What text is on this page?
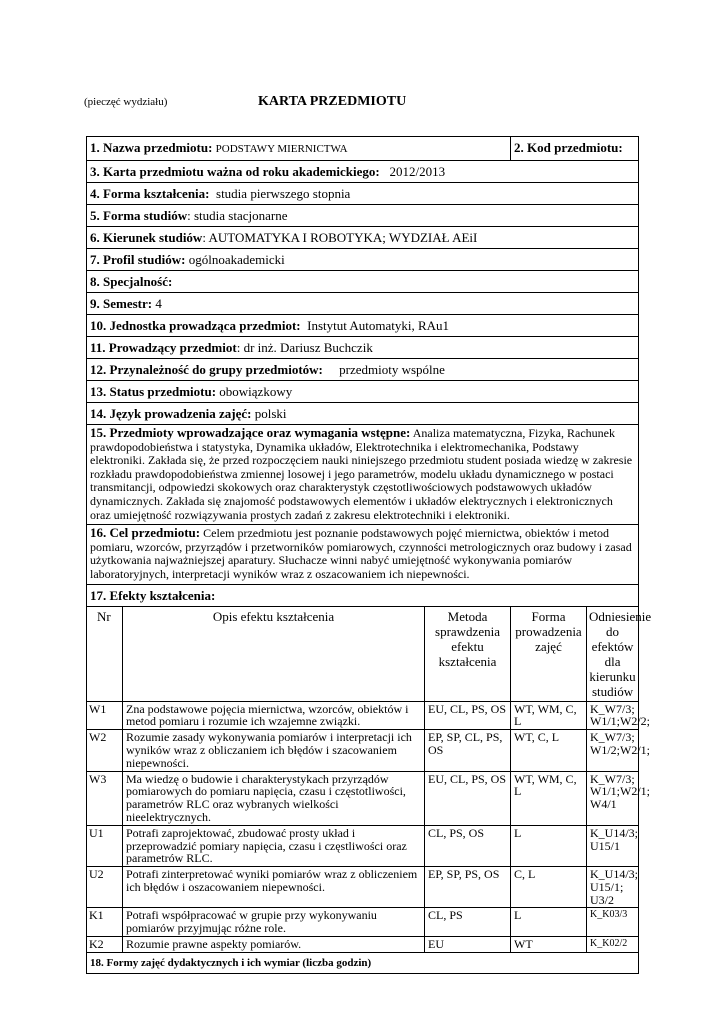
(pieczęć wydziału)	KARTA PRZEDMIOTU
1. Nazwa przedmiotu: PODSTAWY MIERNICTWA			2. Kod przedmiotu:	
3. Karta przedmiotu ważna od roku akademickiego: 2012/2013				
4. Forma kształcenia: studia pierwszego stopnia				
5. Forma studiów: studia stacjonarne				
6. Kierunek studiów: AUTOMATYKA I ROBOTYKA; WYDZIAŁ AEiI				
7. Profil studiów: ogólnoakademicki				
8. Specjalność:				
9. Semestr: 4				
10. Jednostka prowadząca przedmiot: Instytut Automatyki, RAu1				
11. Prowadzący przedmiot: dr inż. Dariusz Buchczik				
12. Przynależność do grupy przedmiotów: przedmioty wspólne				
13. Status przedmiotu: obowiązkowy				
14. Język prowadzenia zajęć: polski				
15. Przedmioty wprowadzające oraz wymagania wstępne: Analiza matematyczna, Fizyka, Rachunek prawdopodobieństwa i statystyka, Dynamika układów, Elektrotechnika i elektromechanika, Podstawy elektroniki. Zakłada się, że przed rozpoczęciem nauki niniejszego przedmiotu student posiada wiedzę w zakresie rozkładu prawdopodobieństwa zmiennej losowej i jego parametrów, modelu układu dynamicznego w postaci transmitancji, odpowiedzi skokowych oraz charakterystyk częstotliwościowych podstawowych układów dynamicznych. Zakłada się znajomość podstawowych elementów i układów elektrycznych i elektronicznych oraz umiejętność rozwiązywania prostych zadań z zakresu elektrotechniki i elektroniki.				
16. Cel przedmiotu: Celem przedmiotu jest poznanie podstawowych pojęć miernictwa, obiektów i metod pomiaru, wzorców, przyrządów i przetworników pomiarowych, czynności metrologicznych oraz budowy i zasad użytkowania najważniejszej aparatury. Słuchacze winni nabyć umiejętność wykonywania pomiarów laboratoryjnych, interpretacji wyników wraz z oszacowaniem ich niepewności.				
17. Efekty kształcenia:				
Nr	Opis efektu kształcenia	Metoda sprawdzenia efektu kształcenia	Forma prowadzenia zajęć	Odniesienie do efektów dla kierunku studiów
W1	Zna podstawowe pojęcia miernictwa, wzorców, obiektów i metod pomiaru i rozumie ich wzajemne związki.	EU, CL, PS, OS	WT, WM, C, L	K_W7/3; W1/1;W2/2;
W2	Rozumie zasady wykonywania pomiarów i interpretacji ich wyników wraz z obliczaniem ich błędów i szacowaniem niepewności.	EP, SP, CL, PS, OS	WT, C, L	K_W7/3; W1/2;W2/1;
W3	Ma wiedzę o budowie i charakterystykach przyrządów pomiarowych do pomiaru napięcia, czasu i częstotliwości, parametrów RLC oraz wybranych wielkości nieelektrycznych.	EU, CL, PS, OS	WT, WM, C, L	K_W7/3; W1/1;W2/1; W4/1
U1	Potrafi zaprojektować, zbudować prosty układ i przeprowadzić pomiary napięcia, czasu i częstliwości oraz parametrów RLC.	CL, PS, OS	L	K_U14/3; U15/1
U2	Potrafi zinterpretować wyniki pomiarów wraz z obliczeniem ich błędów i oszacowaniem niepewności.	EP, SP, PS, OS	C, L	K_U14/3; U15/1; U3/2
K1	Potrafi współpracować w grupie przy wykonywaniu pomiarów przyjmując różne role.	CL, PS	L	K_K03/3
K2	Rozumie prawne aspekty pomiarów.	EU	WT	K_K02/2
18. Formy zajęć dydaktycznych i ich wymiar (liczba godzin)				
